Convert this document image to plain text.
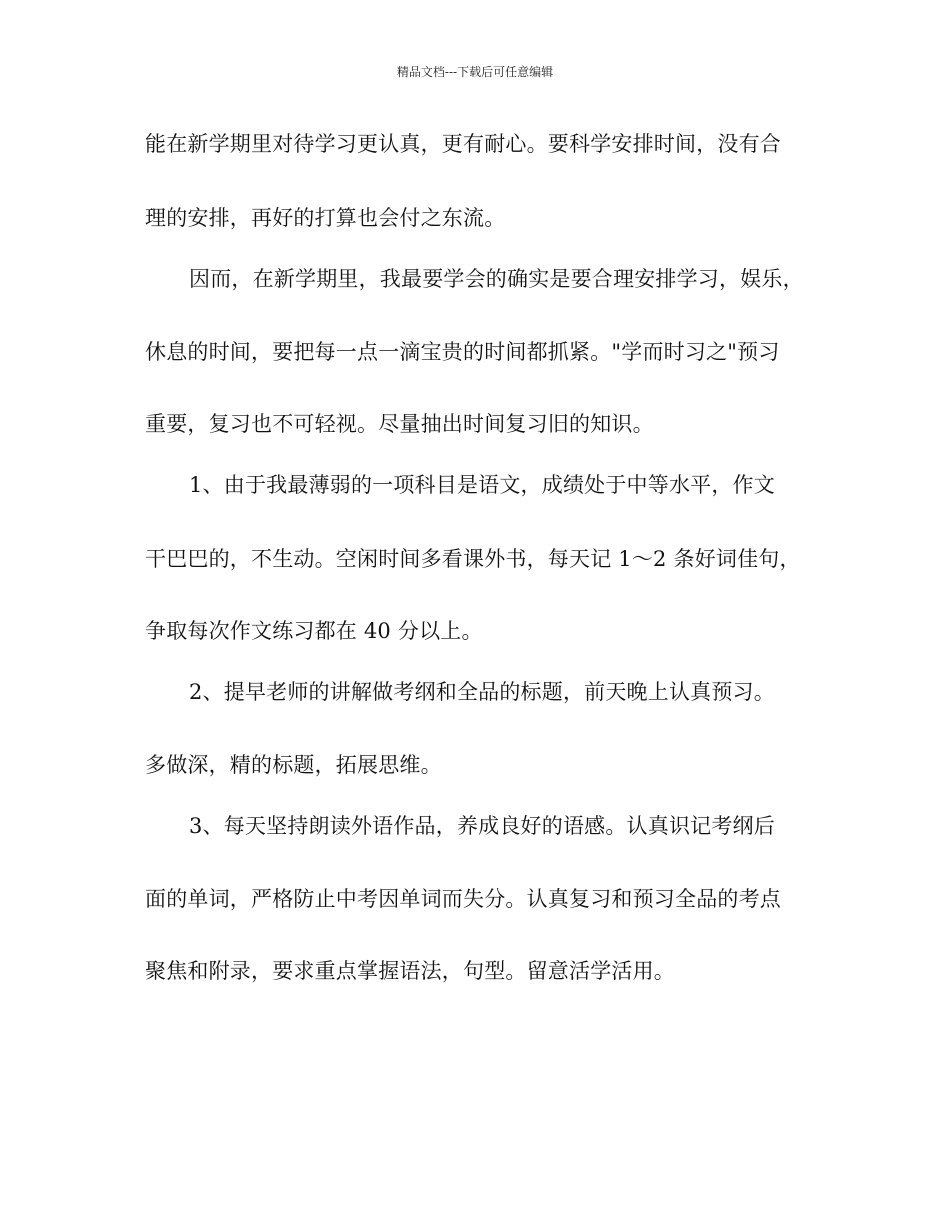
精品文档---下载后可任意编辑
能在新学期里对待学习更认真，更有耐心。要科学安排时间，没有合
理的安排，再好的打算也会付之东流。
因而，在新学期里，我最要学会的确实是要合理安排学习，娱乐，
休息的时间，要把每一点一滴宝贵的时间都抓紧。"学而时习之"预习
重要，复习也不可轻视。尽量抽出时间复习旧的知识。
1、由于我最薄弱的一项科目是语文，成绩处于中等水平，作文
干巴巴的，不生动。空闲时间多看课外书，每天记 1～2 条好词佳句，
争取每次作文练习都在 40 分以上。
2、提早老师的讲解做考纲和全品的标题，前天晚上认真预习。
多做深，精的标题，拓展思维。
3、每天坚持朗读外语作品，养成良好的语感。认真识记考纲后
面的单词，严格防止中考因单词而失分。认真复习和预习全品的考点
聚焦和附录，要求重点掌握语法，句型。留意活学活用。
